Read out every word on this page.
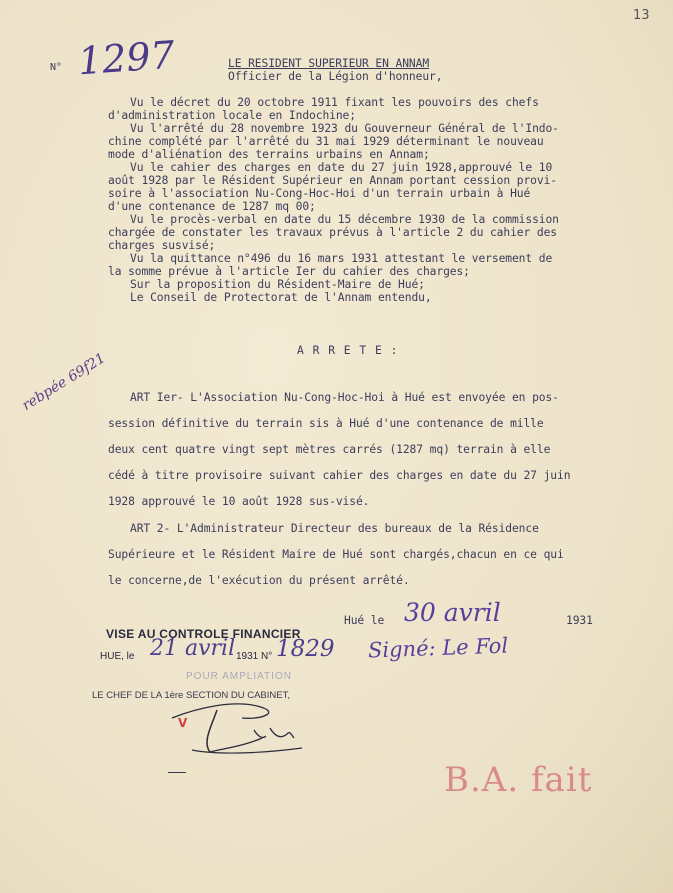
13
N° 1297	LE RESIDENT SUPERIEUR EN ANNAM
Officier de la Légion d'honneur,
Vu le décret du 20 octobre 1911 fixant les pouvoirs des chefs
d'administration locale en Indochine;
Vu l'arrêté du 28 novembre 1923 du Gouverneur Général de l'Indo-
chine complété par l'arrêté du 31 mai 1929 déterminant le nouveau
mode d'aliénation des terrains urbains en Annam;
Vu le cahier des charges en date du 27 juin 1928,approuvé le 10
août 1928 par le Résident Supérieur en Annam portant cession provi-
soire à l'association Nu-Cong-Hoc-Hoi d'un terrain urbain à Hué
d'une contenance de 1287 mq 00;
Vu le procès-verbal en date du 15 décembre 1930 de la commission
chargée de constater les travaux prévus à l'article 2 du cahier des
charges susvisé;
Vu la quittance n°496 du 16 mars 1931 attestant le versement de
la somme prévue à l'article Ier du cahier des charges;
Sur la proposition du Résident-Maire de Hué;
Le Conseil de Protectorat de l'Annam entendu,
A R R E T E :
rebpée 69f21 ART Ier- L'Association Nu-Cong-Hoc-Hoi à Hué est envoyée en pos-
session définitive du terrain sis à Hué d'une contenance de mille
deux cent quatre vingt sept mètres carrés (1287 mq) terrain à elle
cédé à titre provisoire suivant cahier des charges en date du 27 juin
1928 approuvé le 10 août 1928 sus-visé.
ART 2- L'Administrateur Directeur des bureaux de la Résidence
Supérieure et le Résident Maire de Hué sont chargés,chacun en ce qui
le concerne,de l'exécution du présent arrêté.
Hué le 30 avril	1931
Signé: Le Fol
VISE AU CONTROLE FINANCIER
HUE, le 21 avril 1931 N° 1829
POUR AMPLIATION
LE CHEF DE LA 1ère SECTION DU CABINET,
V
B.A. fait
